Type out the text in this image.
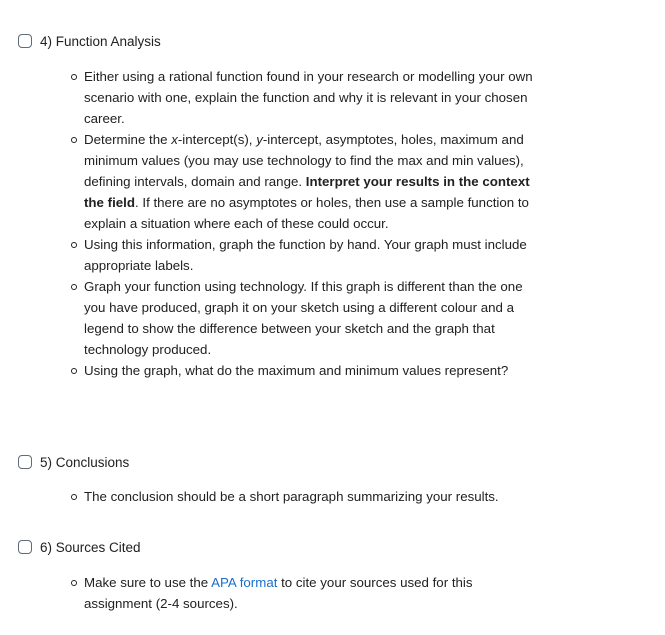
4) Function Analysis
Either using a rational function found in your research or modelling your own scenario with one, explain the function and why it is relevant in your chosen career.
Determine the x-intercept(s), y-intercept, asymptotes, holes, maximum and minimum values (you may use technology to find the max and min values), defining intervals, domain and range. Interpret your results in the context the field. If there are no asymptotes or holes, then use a sample function to explain a situation where each of these could occur.
Using this information, graph the function by hand. Your graph must include appropriate labels.
Graph your function using technology. If this graph is different than the one you have produced, graph it on your sketch using a different colour and a legend to show the difference between your sketch and the graph that technology produced.
Using the graph, what do the maximum and minimum values represent?
5) Conclusions
The conclusion should be a short paragraph summarizing your results.
6) Sources Cited
Make sure to use the APA format to cite your sources used for this assignment (2-4 sources).
